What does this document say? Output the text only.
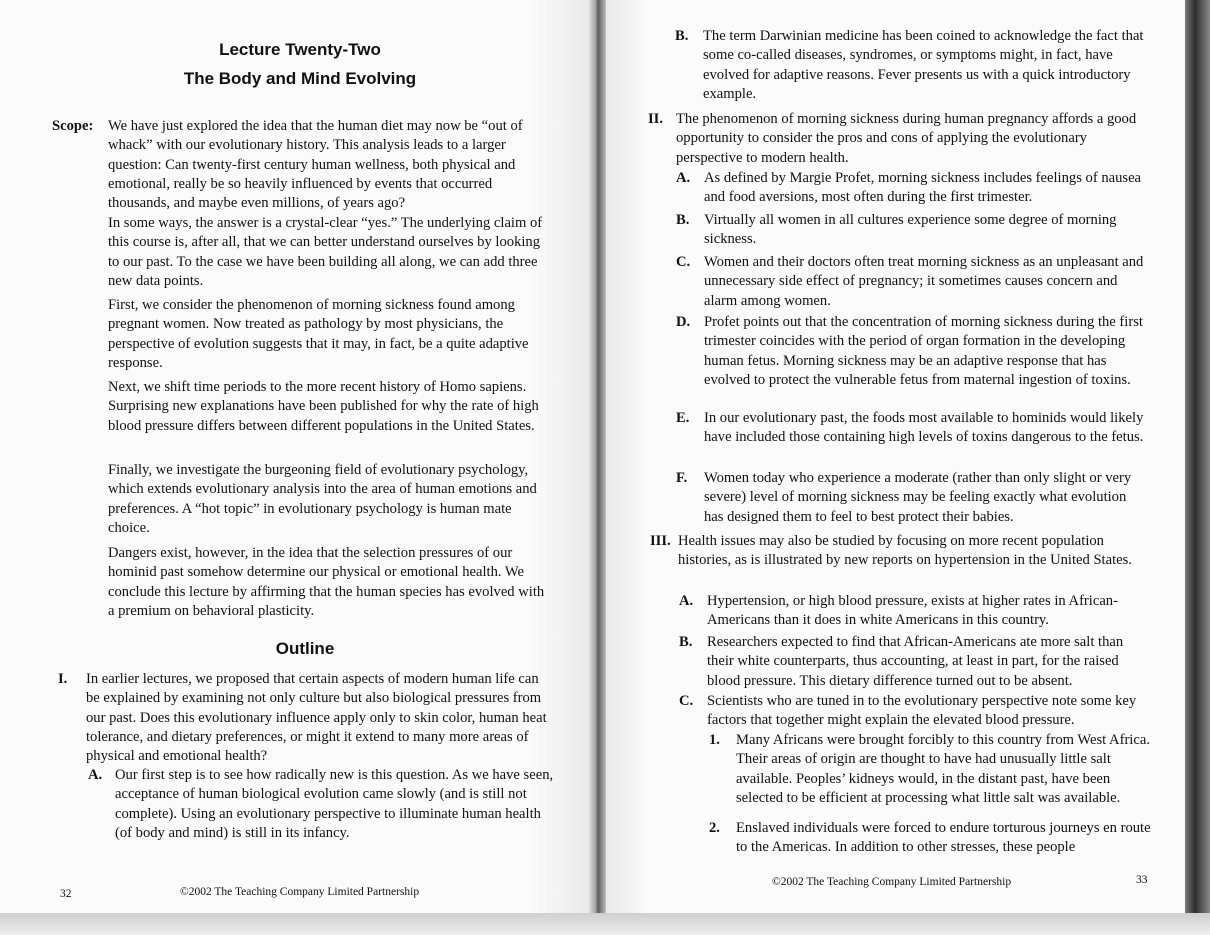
Lecture Twenty-Two
The Body and Mind Evolving
Scope: We have just explored the idea that the human diet may now be “out of whack” with our evolutionary history. This analysis leads to a larger question: Can twenty-first century human wellness, both physical and emotional, really be so heavily influenced by events that occurred thousands, and maybe even millions, of years ago?
In some ways, the answer is a crystal-clear “yes.” The underlying claim of this course is, after all, that we can better understand ourselves by looking to our past. To the case we have been building all along, we can add three new data points.
First, we consider the phenomenon of morning sickness found among pregnant women. Now treated as pathology by most physicians, the perspective of evolution suggests that it may, in fact, be a quite adaptive response.
Next, we shift time periods to the more recent history of Homo sapiens. Surprising new explanations have been published for why the rate of high blood pressure differs between different populations in the United States.
Finally, we investigate the burgeoning field of evolutionary psychology, which extends evolutionary analysis into the area of human emotions and preferences. A “hot topic” in evolutionary psychology is human mate choice.
Dangers exist, however, in the idea that the selection pressures of our hominid past somehow determine our physical or emotional health. We conclude this lecture by affirming that the human species has evolved with a premium on behavioral plasticity.
Outline
I. In earlier lectures, we proposed that certain aspects of modern human life can be explained by examining not only culture but also biological pressures from our past. Does this evolutionary influence apply only to skin color, human heat tolerance, and dietary preferences, or might it extend to many more areas of physical and emotional health?
A. Our first step is to see how radically new is this question. As we have seen, acceptance of human biological evolution came slowly (and is still not complete). Using an evolutionary perspective to illuminate human health (of body and mind) is still in its infancy.
32	©2002 The Teaching Company Limited Partnership
B. The term Darwinian medicine has been coined to acknowledge the fact that some co-called diseases, syndromes, or symptoms might, in fact, have evolved for adaptive reasons. Fever presents us with a quick introductory example.
II. The phenomenon of morning sickness during human pregnancy affords a good opportunity to consider the pros and cons of applying the evolutionary perspective to modern health.
A. As defined by Margie Profet, morning sickness includes feelings of nausea and food aversions, most often during the first trimester.
B. Virtually all women in all cultures experience some degree of morning sickness.
C. Women and their doctors often treat morning sickness as an unpleasant and unnecessary side effect of pregnancy; it sometimes causes concern and alarm among women.
D. Profet points out that the concentration of morning sickness during the first trimester coincides with the period of organ formation in the developing human fetus. Morning sickness may be an adaptive response that has evolved to protect the vulnerable fetus from maternal ingestion of toxins.
E. In our evolutionary past, the foods most available to hominids would likely have included those containing high levels of toxins dangerous to the fetus.
F. Women today who experience a moderate (rather than only slight or very severe) level of morning sickness may be feeling exactly what evolution has designed them to feel to best protect their babies.
III. Health issues may also be studied by focusing on more recent population histories, as is illustrated by new reports on hypertension in the United States.
A. Hypertension, or high blood pressure, exists at higher rates in African-Americans than it does in white Americans in this country.
B. Researchers expected to find that African-Americans ate more salt than their white counterparts, thus accounting, at least in part, for the raised blood pressure. This dietary difference turned out to be absent.
C. Scientists who are tuned in to the evolutionary perspective note some key factors that together might explain the elevated blood pressure.
1. Many Africans were brought forcibly to this country from West Africa. Their areas of origin are thought to have had unusually little salt available. Peoples’ kidneys would, in the distant past, have been selected to be efficient at processing what little salt was available.
2. Enslaved individuals were forced to endure torturous journeys en route to the Americas. In addition to other stresses, these people
©2002 The Teaching Company Limited Partnership	33
